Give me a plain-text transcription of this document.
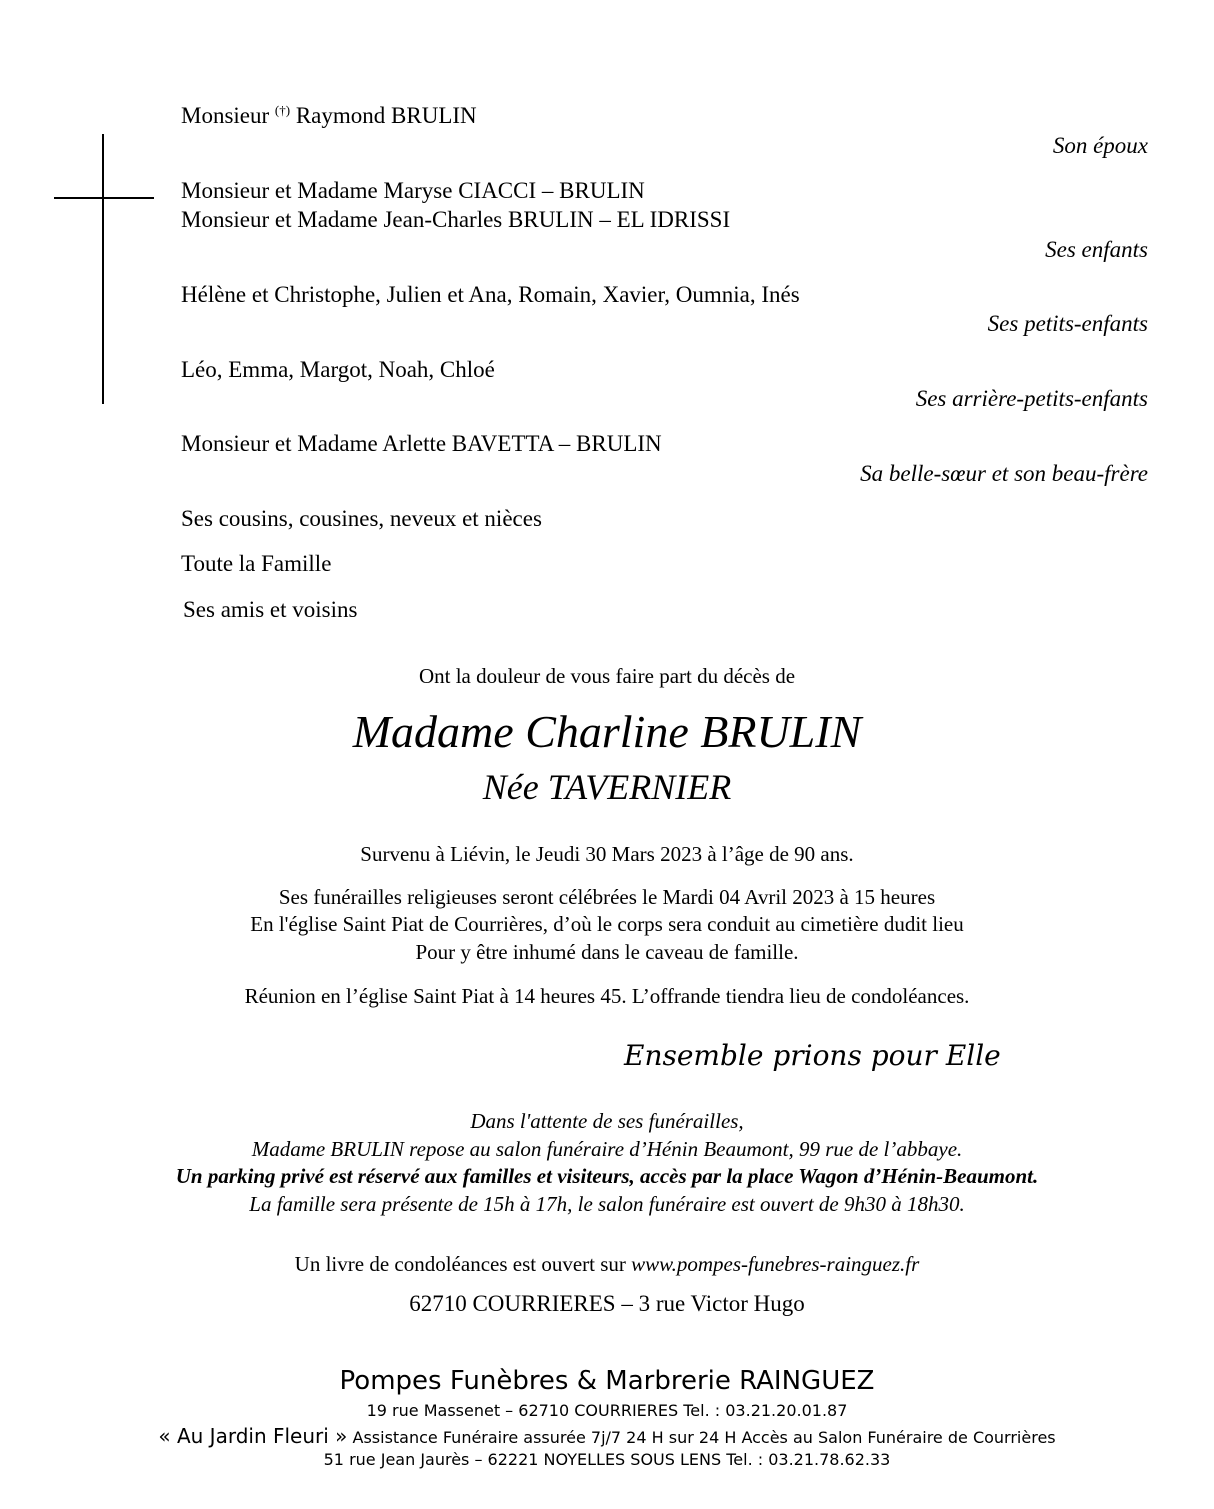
Monsieur (†) Raymond BRULIN
Son époux
Monsieur et Madame Maryse CIACCI – BRULIN
Monsieur et Madame Jean-Charles BRULIN – EL IDRISSI
Ses enfants
Hélène et Christophe, Julien et Ana, Romain, Xavier, Oumnia, Inés
Ses petits-enfants
Léo, Emma, Margot, Noah, Chloé
Ses arrière-petits-enfants
Monsieur et Madame Arlette BAVETTA – BRULIN
Sa belle-sœur et son beau-frère
Ses cousins, cousines, neveux et nièces
Toute la Famille
Ses amis et voisins
Ont la douleur de vous faire part du décès de
Madame Charline BRULIN
Née TAVERNIER
Survenu à Liévin, le Jeudi 30 Mars 2023 à l’âge de 90 ans.
Ses funérailles religieuses seront célébrées le Mardi 04 Avril 2023 à 15 heures
En l'église Saint Piat de Courrières, d’où le corps sera conduit au cimetière dudit lieu
Pour y être inhumé dans le caveau de famille.
Réunion en l’église Saint Piat à 14 heures 45. L’offrande tiendra lieu de condoléances.
Ensemble prions pour Elle
Dans l'attente de ses funérailles,
Madame BRULIN repose au salon funéraire d’Hénin Beaumont, 99 rue de l’abbaye.
Un parking privé est réservé aux familles et visiteurs, accès par la place Wagon d’Hénin-Beaumont.
La famille sera présente de 15h à 17h, le salon funéraire est ouvert de 9h30 à 18h30.
Un livre de condoléances est ouvert sur www.pompes-funebres-rainguez.fr
62710 COURRIERES – 3 rue Victor Hugo
Pompes Funèbres & Marbrerie RAINGUEZ
19 rue Massenet – 62710 COURRIERES Tel. : 03.21.20.01.87
« Au Jardin Fleuri » Assistance Funéraire assurée 7j/7 24 H sur 24 H Accès au Salon Funéraire de Courrières
51 rue Jean Jaurès – 62221 NOYELLES SOUS LENS Tel. : 03.21.78.62.33
